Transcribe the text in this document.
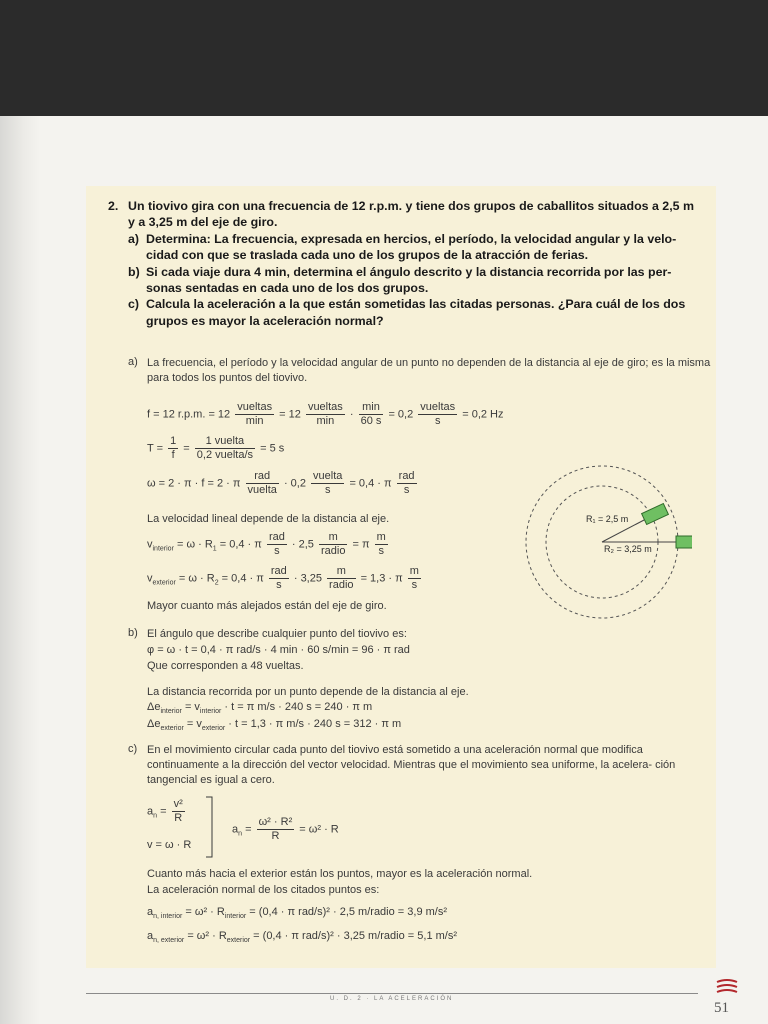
2. Un tiovivo gira con una frecuencia de 12 r.p.m. y tiene dos grupos de caballitos situados a 2,5 m
y a 3,25 m del eje de giro.
a) Determina: La frecuencia, expresada en hercios, el período, la velocidad angular y la velo-
cidad con que se traslada cada uno de los grupos de la atracción de ferias.
b) Si cada viaje dura 4 min, determina el ángulo descrito y la distancia recorrida por las per-
sonas sentadas en cada uno de los dos grupos.
c) Calcula la aceleración a la que están sometidas las citadas personas. ¿Para cuál de los dos
grupos es mayor la aceleración normal?
a) La frecuencia, el período y la velocidad angular de un punto no dependen de la distancia al eje de giro; es la misma para todos los puntos del tiovivo.
f = 12 r.p.m. = $12 \frac{\text{vueltas}}{\min} = 12 \frac{\text{vueltas}}{\min} \cdot \frac{\min}{60 s} = 0,2 \frac{\text{vueltas}}{s} = 0,2$ Hz
$T = \frac{1}{f} = \frac{\text{1 vuelta}}{\text{0,2 vuelta/s}} = 5$ s
ω = 2 · π · f = 2 · π $\frac{\text{rad}}{\text{vuelta}} \cdot 0,2 \frac{\text{vuelta}}{s} = 0,4 \cdot \pi \frac{\text{rad}}{s}$
La velocidad lineal depende de la distancia al eje.
$v_{interior} = \omega \cdot R_1 = 0,4 \cdot \pi \frac{\text{rad}}{s} \cdot 2,5 \frac{m}{\text{radio}} = \pi \frac{m}{s}$
$v_{exterior} = \omega \cdot R_2 = 0,4 \cdot \pi \frac{\text{rad}}{s} \cdot 3,25 \frac{m}{\text{radio}} = 1,3 \cdot \pi \frac{m}{s}$
Mayor cuanto más alejados están del eje de giro.
R₁ = 2,5 m
R₂ = 3,25 m
b) El ángulo que describe cualquier punto del tiovivo es:
φ = ω · t = 0,4 · π rad/s · 4 min · 60 s/min = 96 · π rad
Que corresponden a 48 vueltas.
La distancia recorrida por un punto depende de la distancia al eje.
$\Delta e_{interior} = v_{interior} \cdot t = \pi$ m/s · 240 s = 240 · π m
$\Delta e_{exterior} = v_{exterior} \cdot t = 1,3 \cdot \pi$ m/s · 240 s = 312 · π m
c) En el movimiento circular cada punto del tiovivo está sometido a una aceleración normal que modifica continuamente a la dirección del vector velocidad. Mientras que el movimiento sea uniforme, la acelera- ción tangencial es igual a cero.
$a_n = \frac{\text{v²}}{R}$
v = ω · R
$a_n = \frac{\text{ω² · R²}}{R} = \omega^2 \cdot R$
Cuanto más hacia el exterior están los puntos, mayor es la aceleración normal.
La aceleración normal de los citados puntos es:
$a_{n, interior} = \omega^2 \cdot R_{interior} = (0,4 \cdot \pi$ rad/s)² · 2,5 m/radio = 3,9 m/s²
$a_{n, exterior} = \omega^2 \cdot R_{exterior} = (0,4 \cdot \pi$ rad/s)² · 3,25 m/radio = 5,1 m/s²
U. D. 2 · LA ACELERACIÓN
51
